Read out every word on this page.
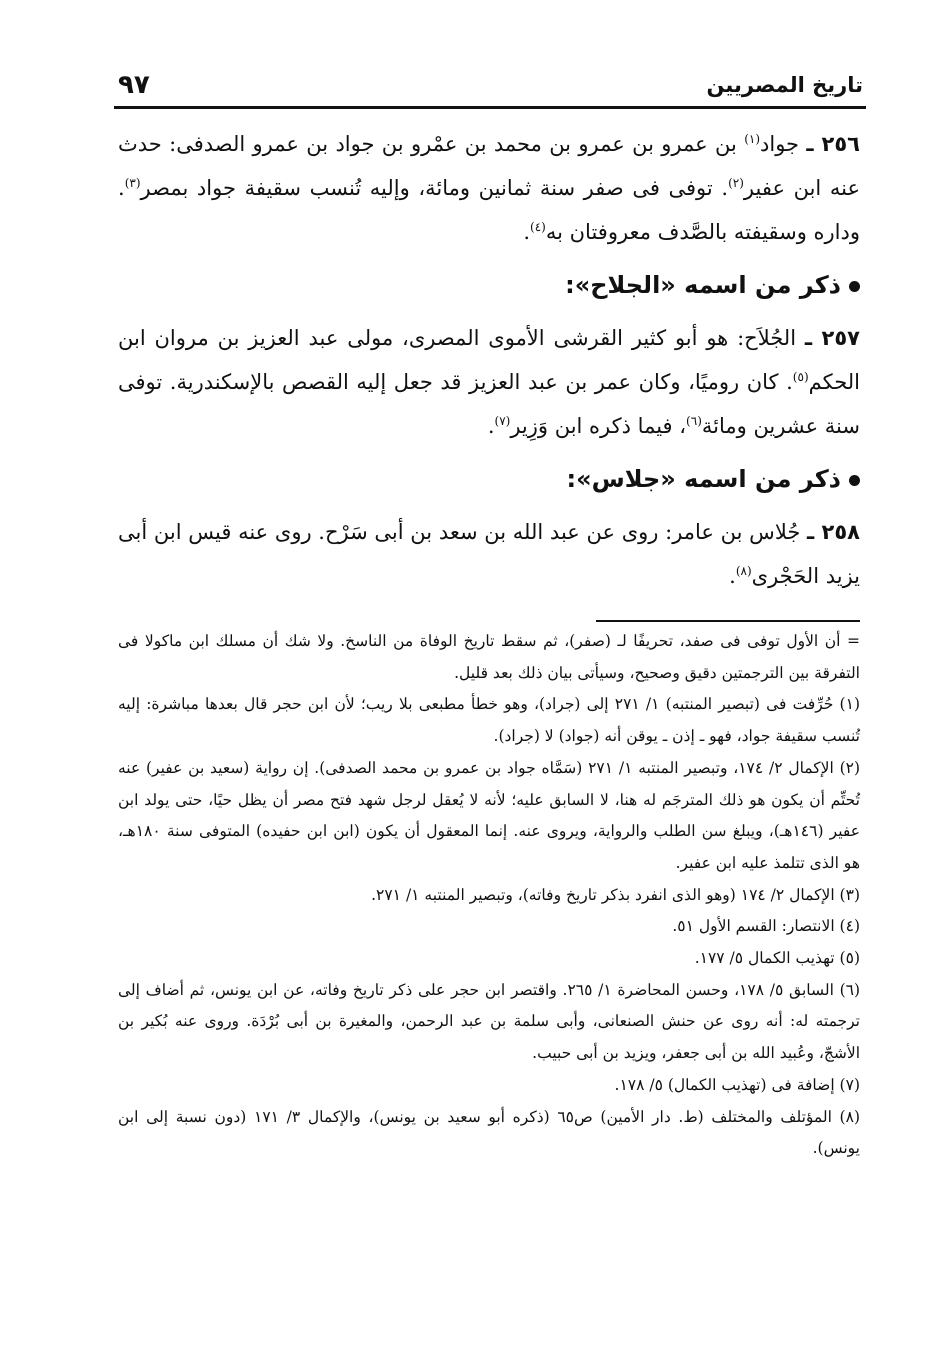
تاريخ المصريين
٩٧

٢٥٦ ـ جواد$^{(١)}$ بن عمرو بن عمرو بن محمد بن عمْرو بن جواد بن عمرو الصدفى: حدث عنه ابن عفير$^{(٢)}$. توفى فى صفر سنة ثمانين ومائة، وإليه تُنسب سقيفة جواد بمصر$^{(٣)}$. وداره وسقيفته بالصَّدف معروفتان به$^{(٤)}$.

ذكر من اسمه «الجلاح»:

٢٥٧ ـ الجُلاَح: هو أبو كثير القرشى الأموى المصرى، مولى عبد العزيز بن مروان ابن الحكم$^{(٥)}$. كان روميًا، وكان عمر بن عبد العزيز قد جعل إليه القصص بالإسكندرية. توفى سنة عشرين ومائة$^{(٦)}$، فيما ذكره ابن وَزِير$^{(٧)}$.

ذكر من اسمه «جلاس»:

٢٥٨ ـ جُلاس بن عامر: روى عن عبد الله بن سعد بن أبى سَرْح. روى عنه قيس ابن أبى يزيد الحَجْرى$^{(٨)}$.

= أن الأول توفى فى صفد، تحريفًا لـ (صفر)، ثم سقط تاريخ الوفاة من الناسخ. ولا شك أن مسلك ابن ماكولا فى التفرقة بين الترجمتين دقيق وصحيح، وسيأتى بيان ذلك بعد قليل.

(١) حُرِّفت فى (تبصير المنتبه) ١/ ٢٧١ إلى (جراد)، وهو خطأ مطبعى بلا ريب؛ لأن ابن حجر قال بعدها مباشرة: إليه تُنسب سقيفة جواد، فهو ـ إذن ـ يوقن أنه (جواد) لا (جراد).

(٢) الإكمال ٢/ ١٧٤، وتبصير المنتبه ١/ ٢٧١ (سَمَّاه جواد بن عمرو بن محمد الصدفى). إن رواية (سعيد بن عفير) عنه تُحتِّم أن يكون هو ذلك المترجَم له هنا، لا السابق عليه؛ لأنه لا يُعقل لرجل شهد فتح مصر أن يظل حيًا، حتى يولد ابن عفير (١٤٦هـ)، ويبلغ سن الطلب والرواية، ويروى عنه. إنما المعقول أن يكون (ابن ابن حفيده) المتوفى سنة ١٨٠هـ، هو الذى تتلمذ عليه ابن عفير.

(٣) الإكمال ٢/ ١٧٤ (وهو الذى انفرد بذكر تاريخ وفاته)، وتبصير المنتبه ١/ ٢٧١.

(٤) الانتصار: القسم الأول ٥١.

(٥) تهذيب الكمال ٥/ ١٧٧.

(٦) السابق ٥/ ١٧٨، وحسن المحاضرة ١/ ٢٦٥. واقتصر ابن حجر على ذكر تاريخ وفاته، عن ابن يونس، ثم أضاف إلى ترجمته له: أنه روى عن حنش الصنعانى، وأبى سلمة بن عبد الرحمن، والمغيرة بن أبى بُرْدَة. وروى عنه بُكير بن الأشجّ، وعُبيد الله بن أبى جعفر، ويزيد بن أبى حبيب.

(٧) إضافة فى (تهذيب الكمال) ٥/ ١٧٨.

(٨) المؤتلف والمختلف (ط. دار الأمين) ص٦٥ (ذكره أبو سعيد بن يونس)، والإكمال ٣/ ١٧١ (دون نسبة إلى ابن يونس).
